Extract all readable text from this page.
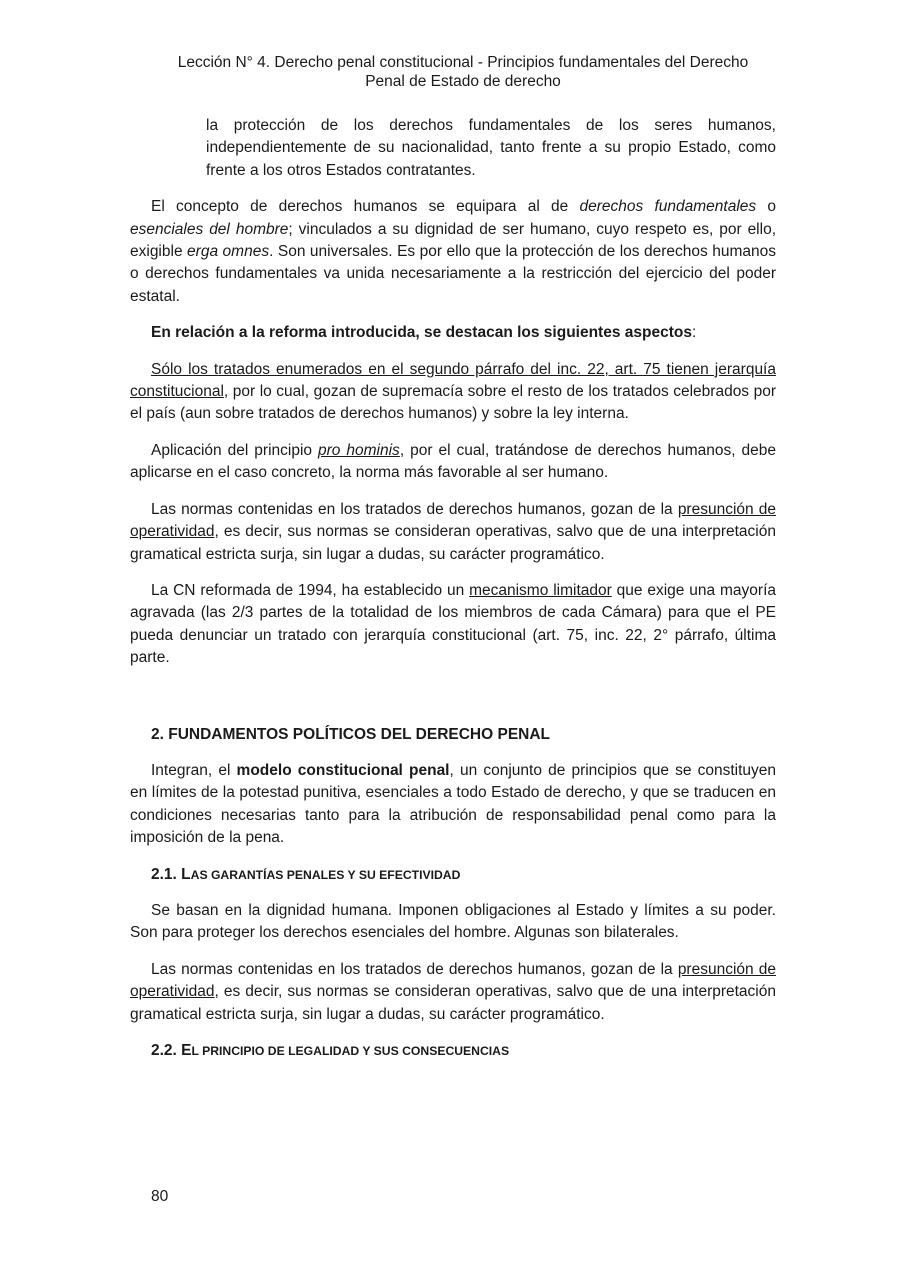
Lección N° 4. Derecho penal constitucional - Principios fundamentales del Derecho
Penal de Estado de derecho
la protección de los derechos fundamentales de los seres humanos, independientemente de su nacionalidad, tanto frente a su propio Estado, como frente a los otros Estados contratantes.

El concepto de derechos humanos se equipara al de derechos fundamentales o esenciales del hombre; vinculados a su dignidad de ser humano, cuyo respeto es, por ello, exigible erga omnes. Son universales. Es por ello que la protección de los derechos humanos o derechos fundamentales va unida necesariamente a la restricción del ejercicio del poder estatal.

En relación a la reforma introducida, se destacan los siguientes aspectos:

Sólo los tratados enumerados en el segundo párrafo del inc. 22, art. 75 tienen jerarquía constitucional, por lo cual, gozan de supremacía sobre el resto de los tratados celebrados por el país (aun sobre tratados de derechos humanos) y sobre la ley interna.

Aplicación del principio pro hominis, por el cual, tratándose de derechos humanos, debe aplicarse en el caso concreto, la norma más favorable al ser humano.

Las normas contenidas en los tratados de derechos humanos, gozan de la presunción de operatividad, es decir, sus normas se consideran operativas, salvo que de una interpretación gramatical estricta surja, sin lugar a dudas, su carácter programático.

La CN reformada de 1994, ha establecido un mecanismo limitador que exige una mayoría agravada (las 2/3 partes de la totalidad de los miembros de cada Cámara) para que el PE pueda denunciar un tratado con jerarquía constitucional (art. 75, inc. 22, 2° párrafo, última parte.

2. FUNDAMENTOS POLÍTICOS DEL DERECHO PENAL

Integran, el modelo constitucional penal, un conjunto de principios que se constituyen en límites de la potestad punitiva, esenciales a todo Estado de derecho, y que se traducen en condiciones necesarias tanto para la atribución de responsabilidad penal como para la imposición de la pena.

2.1. LAS GARANTÍAS PENALES Y SU EFECTIVIDAD

Se basan en la dignidad humana. Imponen obligaciones al Estado y límites a su poder. Son para proteger los derechos esenciales del hombre. Algunas son bilaterales.

Las normas contenidas en los tratados de derechos humanos, gozan de la presunción de operatividad, es decir, sus normas se consideran operativas, salvo que de una interpretación gramatical estricta surja, sin lugar a dudas, su carácter programático.

2.2. EL PRINCIPIO DE LEGALIDAD Y SUS CONSECUENCIAS
80
